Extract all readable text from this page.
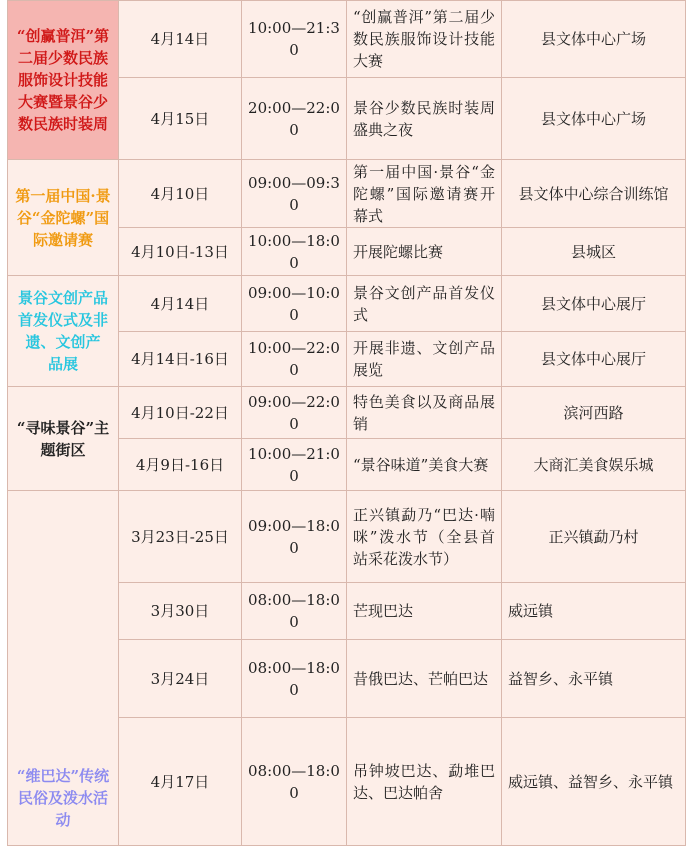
“创赢普洱”第二届少数民族服饰设计技能大赛暨景谷少数民族时装周	4月14日	10:00—21:30	“创赢普洱”第二届少数民族服饰设计技能大赛	县文体中心广场
	4月15日	20:00—22:00	景谷少数民族时装周盛典之夜	县文体中心广场
第一届中国·景谷“金陀螺”国际邀请赛	4月10日	09:00—09:30	第一届中国·景谷“金陀螺”国际邀请赛开幕式	县文体中心综合训练馆
	4月10日-13日	10:00—18:00	开展陀螺比赛	县城区
景谷文创产品首发仪式及非遗、文创产
品展	4月14日	09:00—10:00	景谷文创产品首发仪式	县文体中心展厅
	4月14日-16日	10:00—22:00	开展非遗、文创产品展览	县文体中心展厅
“寻味景谷”主题街区	4月10日-22日	09:00—22:00	特色美食以及商品展销	滨河西路
	4月9日-16日	10:00—21:00	“景谷味道”美食大赛	大商汇美食娱乐城
“维巴达”传统民俗及泼水活动	3月23日-25日	09:00—18:00	正兴镇勐乃“巴达·喃咪”泼水节（全县首站采花泼水节）	正兴镇勐乃村
	3月30日	08:00—18:00	芒现巴达	威远镇
	3月24日	08:00—18:00	昔俄巴达、芒帕巴达	益智乡、永平镇
	4月17日	08:00—18:00	吊钟坡巴达、勐堆巴达、巴达帕舍	威远镇、益智乡、永平镇
